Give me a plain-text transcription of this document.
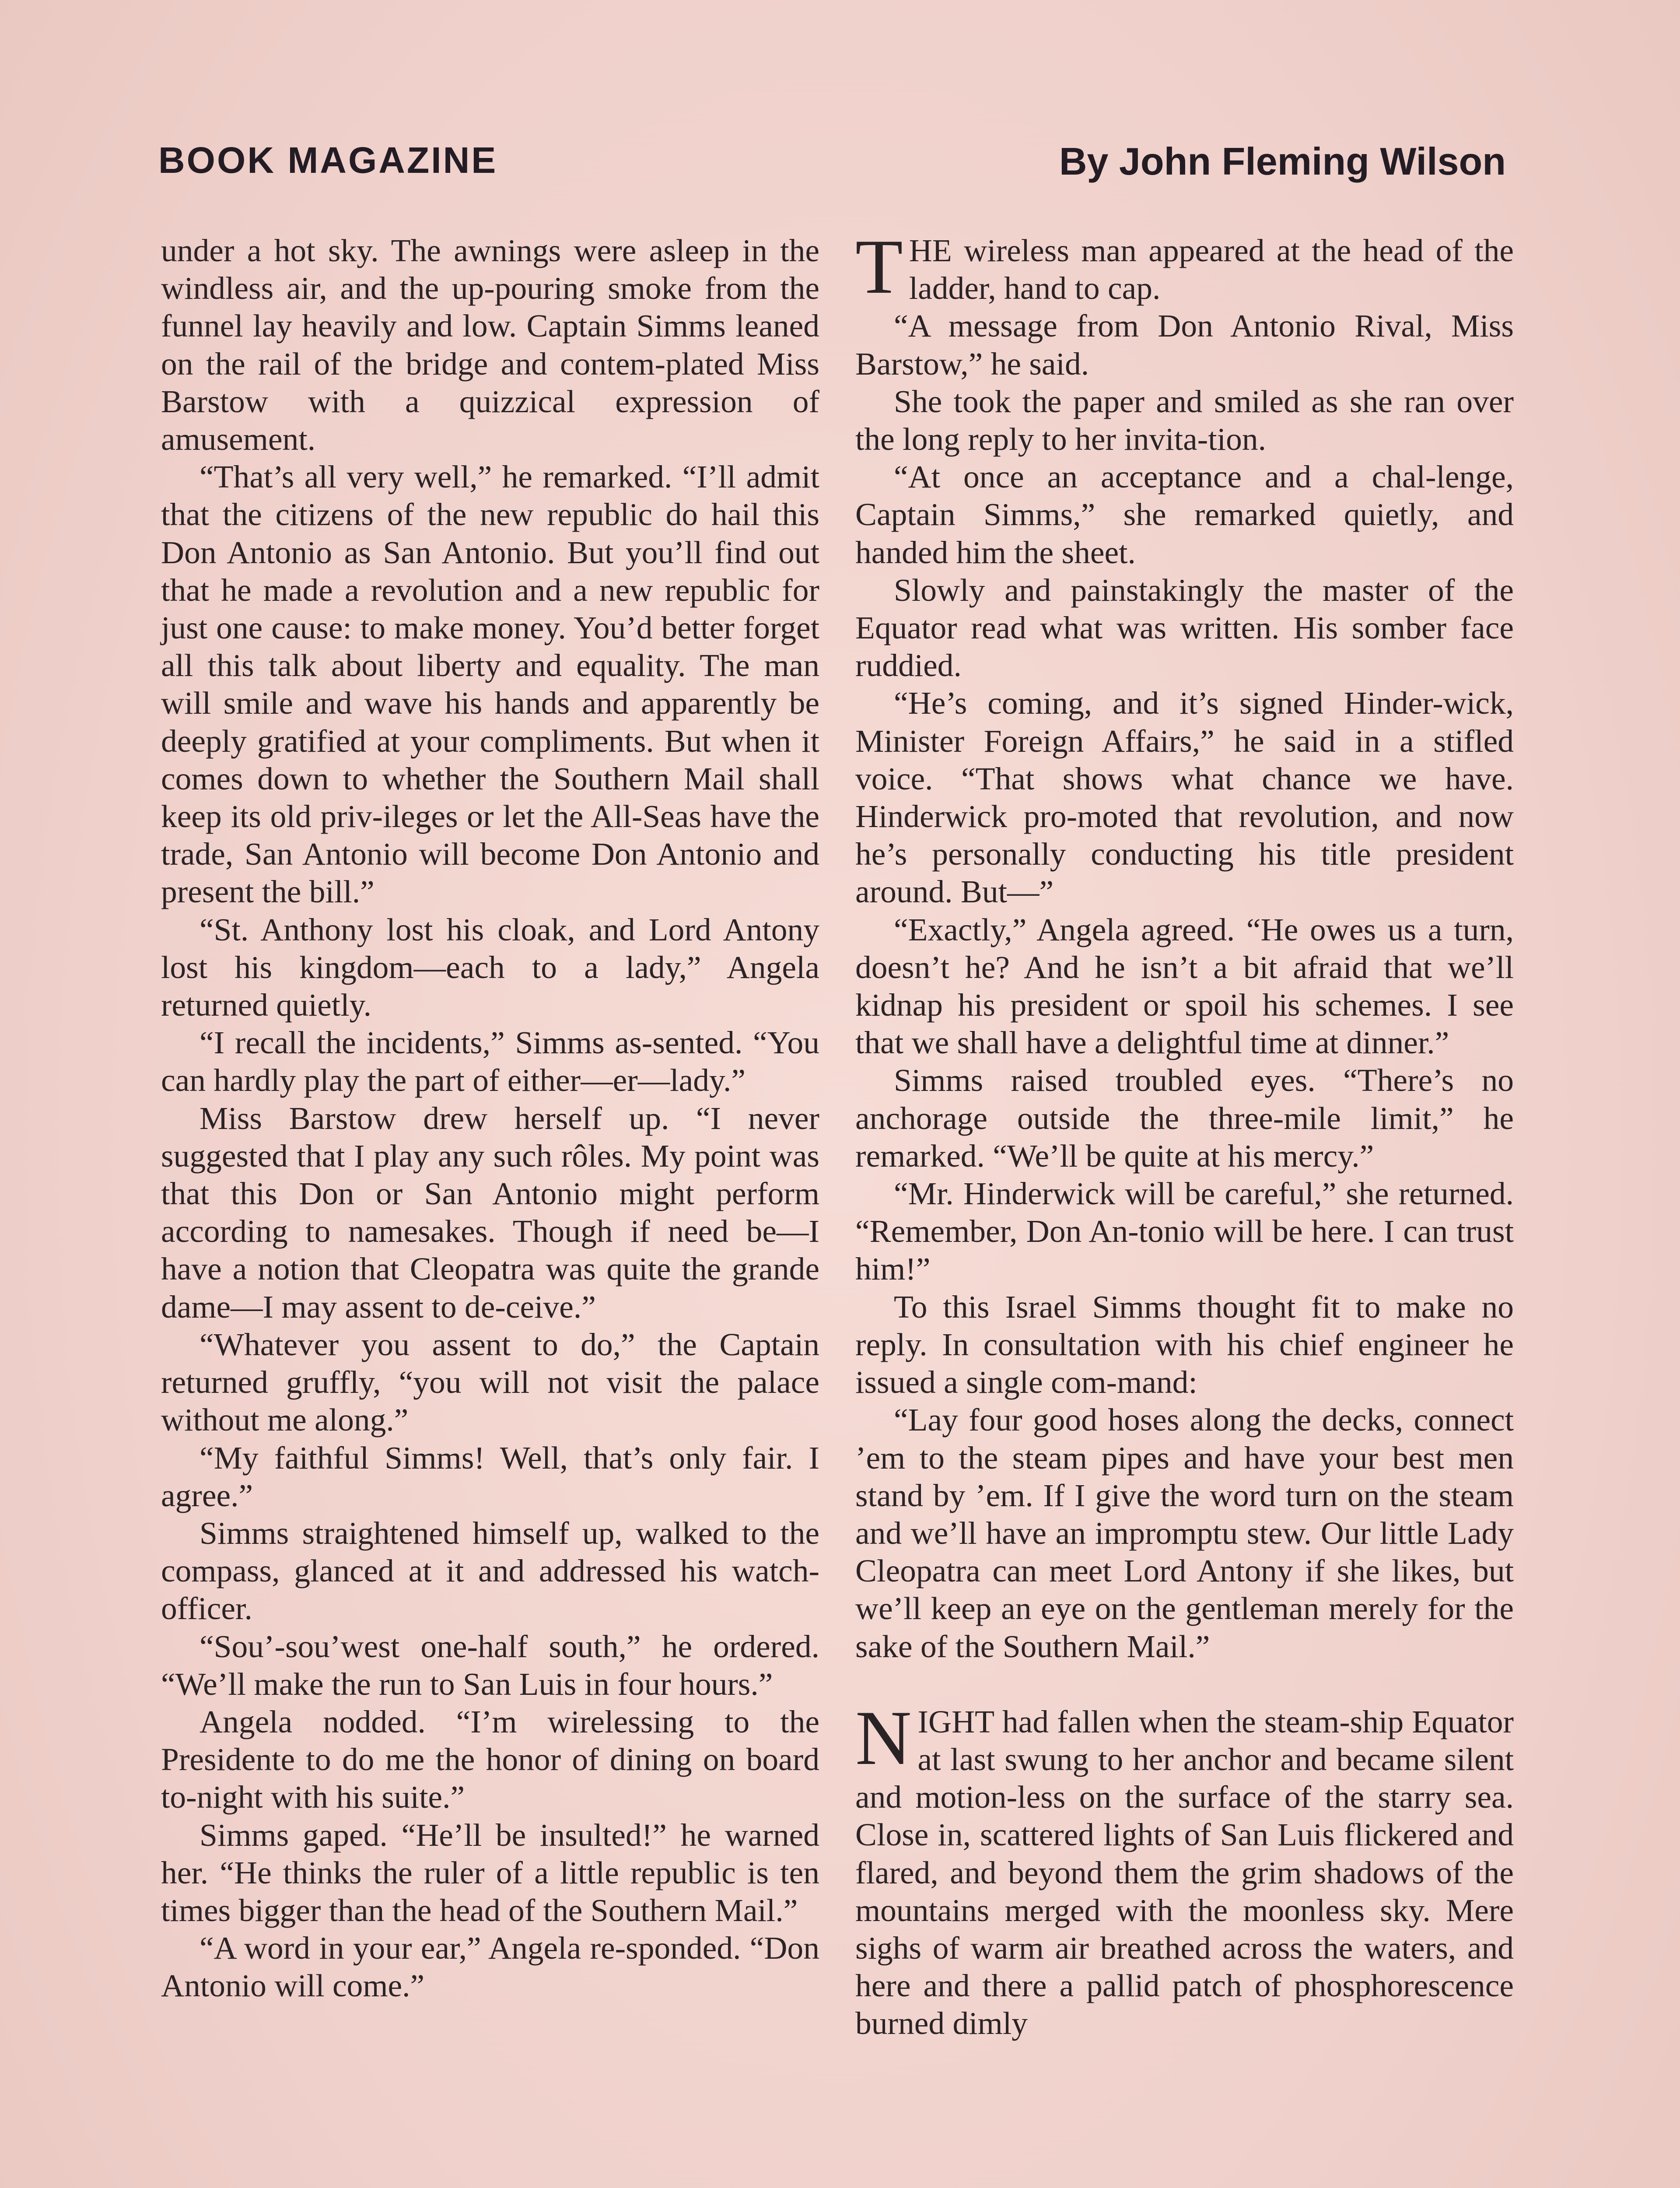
BOOK MAGAZINE	By John Fleming Wilson

under a hot sky. The awnings were asleep in the windless air, and the up-pouring smoke from the funnel lay heavily and low. Captain Simms leaned on the rail of the bridge and contem-plated Miss Barstow with a quizzical expression of amusement.

“That’s all very well,” he remarked. “I’ll admit that the citizens of the new republic do hail this Don Antonio as San Antonio. But you’ll find out that he made a revolution and a new republic for just one cause: to make money. You’d better forget all this talk about liberty and equality. The man will smile and wave his hands and apparently be deeply gratified at your compliments. But when it comes down to whether the Southern Mail shall keep its old priv-ileges or let the All-Seas have the trade, San Antonio will become Don Antonio and present the bill.”

“St. Anthony lost his cloak, and Lord Antony lost his kingdom—each to a lady,” Angela returned quietly.

“I recall the incidents,” Simms as-sented. “You can hardly play the part of either—er—lady.”

Miss Barstow drew herself up. “I never suggested that I play any such rôles. My point was that this Don or San Antonio might perform according to namesakes. Though if need be—I have a notion that Cleopatra was quite the grande dame—I may assent to de-ceive.”

“Whatever you assent to do,” the Captain returned gruffly, “you will not visit the palace without me along.”

“My faithful Simms! Well, that’s only fair. I agree.”

Simms straightened himself up, walked to the compass, glanced at it and addressed his watch-officer.

“Sou’-sou’west one-half south,” he ordered. “We’ll make the run to San Luis in four hours.”

Angela nodded. “I’m wirelessing to the Presidente to do me the honor of dining on board to-night with his suite.”

Simms gaped. “He’ll be insulted!” he warned her. “He thinks the ruler of a little republic is ten times bigger than the head of the Southern Mail.”

“A word in your ear,” Angela re-sponded. “Don Antonio will come.”

THE wireless man appeared at the head of the ladder, hand to cap.

“A message from Don Antonio Rival, Miss Barstow,” he said.

She took the paper and smiled as she ran over the long reply to her invita-tion.

“At once an acceptance and a chal-lenge, Captain Simms,” she remarked quietly, and handed him the sheet.

Slowly and painstakingly the master of the Equator read what was written. His somber face ruddied.

“He’s coming, and it’s signed Hinder-wick, Minister Foreign Affairs,” he said in a stifled voice. “That shows what chance we have. Hinderwick pro-moted that revolution, and now he’s personally conducting his title president around. But—”

“Exactly,” Angela agreed. “He owes us a turn, doesn’t he? And he isn’t a bit afraid that we’ll kidnap his president or spoil his schemes. I see that we shall have a delightful time at dinner.”

Simms raised troubled eyes. “There’s no anchorage outside the three-mile limit,” he remarked. “We’ll be quite at his mercy.”

“Mr. Hinderwick will be careful,” she returned. “Remember, Don An-tonio will be here. I can trust him!”

To this Israel Simms thought fit to make no reply. In consultation with his chief engineer he issued a single com-mand:

“Lay four good hoses along the decks, connect ’em to the steam pipes and have your best men stand by ’em. If I give the word turn on the steam and we’ll have an impromptu stew. Our little Lady Cleopatra can meet Lord Antony if she likes, but we’ll keep an eye on the gentleman merely for the sake of the Southern Mail.”

NIGHT had fallen when the steam-ship Equator at last swung to her anchor and became silent and motion-less on the surface of the starry sea. Close in, scattered lights of San Luis flickered and flared, and beyond them the grim shadows of the mountains merged with the moonless sky. Mere sighs of warm air breathed across the waters, and here and there a pallid patch of phosphorescence burned dimly
